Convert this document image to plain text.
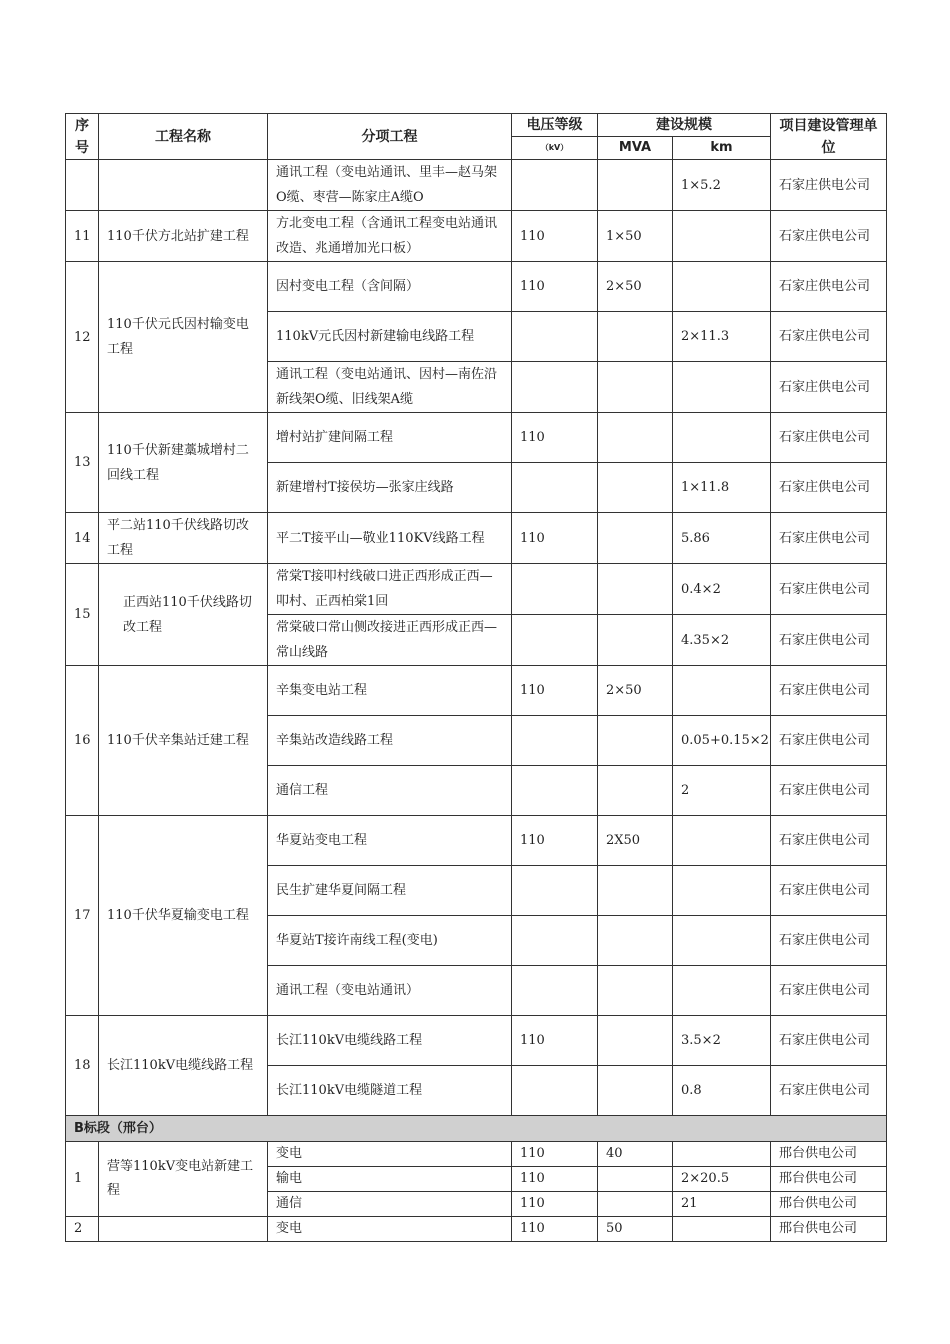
序号	工程名称	分项工程	电压等级	建设规模		项目建设管理单位
			（kV）	MVA	km	
		通讯工程（变电站通讯、里丰—赵马架O缆、枣营—陈家庄A缆O			1×5.2	石家庄供电公司
11	110千伏方北站扩建工程	方北变电工程（含通讯工程变电站通讯改造、兆通增加光口板）	110	1×50		石家庄供电公司
12	110千伏元氏因村输变电工程	因村变电工程（含间隔）	110	2×50		石家庄供电公司
		110kV元氏因村新建输电线路工程			2×11.3	石家庄供电公司
		通讯工程（变电站通讯、因村—南佐沿新线架O缆、旧线架A缆				石家庄供电公司
13	110千伏新建藁城增村二回线工程	增村站扩建间隔工程	110			石家庄供电公司
		新建增村T接侯坊—张家庄线路			1×11.8	石家庄供电公司
14	平二站110千伏线路切改工程	平二T接平山—敬业110KV线路工程	110		5.86	石家庄供电公司
15	正西站110千伏线路切改工程	常棠T接叩村线破口进正西形成正西—叩村、正西柏棠1回			0.4×2	石家庄供电公司
		常棠破口常山侧改接进正西形成正西—常山线路			4.35×2	石家庄供电公司
16	110千伏辛集站迁建工程	辛集变电站工程	110	2×50		石家庄供电公司
		辛集站改造线路工程			0.05+0.15×2	石家庄供电公司
		通信工程			2	石家庄供电公司
17	110千伏华夏输变电工程	华夏站变电工程	110	2X50		石家庄供电公司
		民生扩建华夏间隔工程				石家庄供电公司
		华夏站T接许南线工程(变电)				石家庄供电公司
		通讯工程（变电站通讯）				石家庄供电公司
18	长江110kV电缆线路工程	长江110kV电缆线路工程	110		3.5×2	石家庄供电公司
		长江110kV电缆隧道工程			0.8	石家庄供电公司
B标段（邢台）						
1	营等110kV变电站新建工程	变电	110	40		邢台供电公司
		输电	110		2×20.5	邢台供电公司
		通信	110		21	邢台供电公司
2		变电	110	50		邢台供电公司
